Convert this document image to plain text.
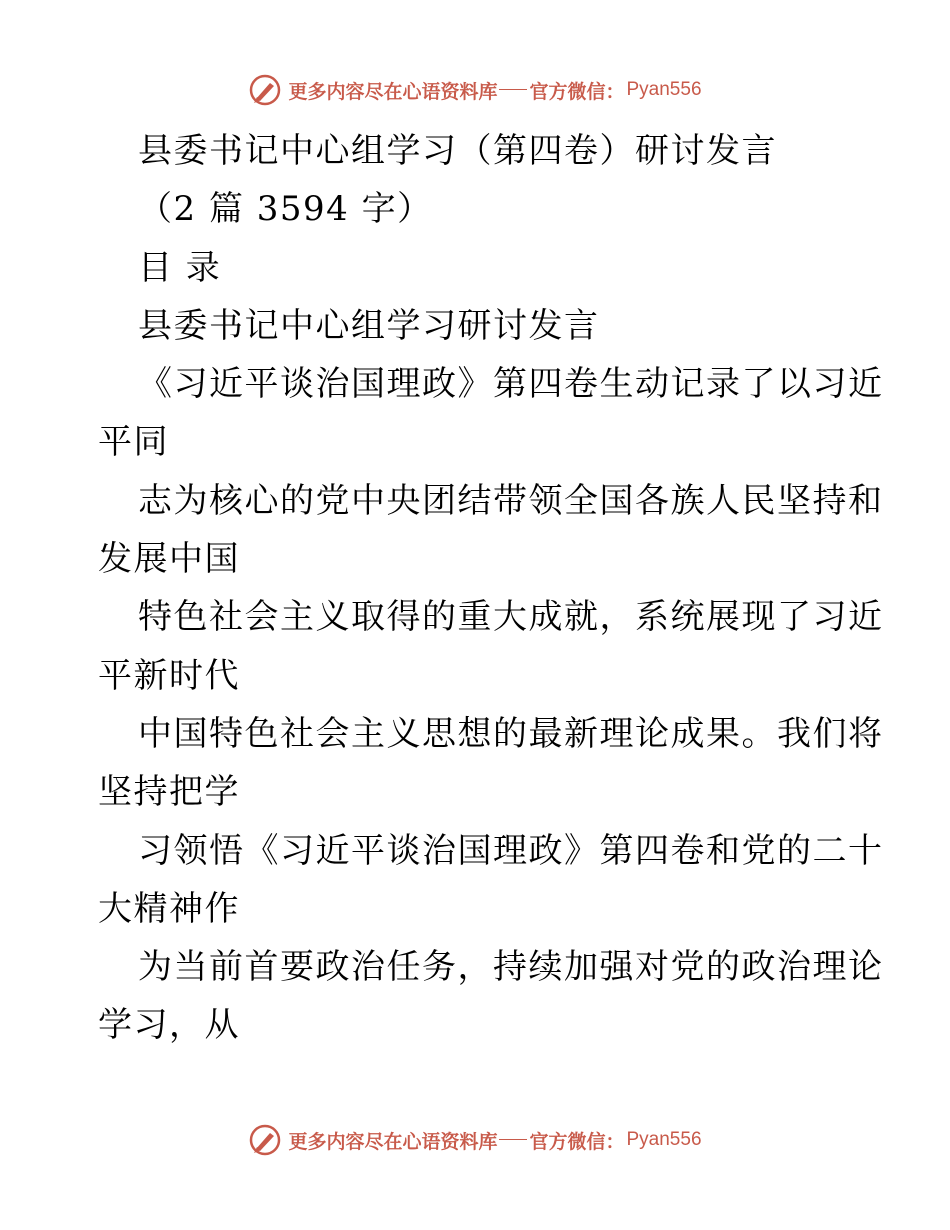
更多内容尽在心语资料库 官方微信： Pyan556
县委书记中心组学习（第四卷）研讨发言
（2 篇 3594 字）
目 录
县委书记中心组学习研讨发言
《习近平谈治国理政》第四卷生动记录了以习近
平同
志为核心的党中央团结带领全国各族人民坚持和
发展中国
特色社会主义取得的重大成就，系统展现了习近
平新时代
中国特色社会主义思想的最新理论成果。我们将
坚持把学
习领悟《习近平谈治国理政》第四卷和党的二十
大精神作
为当前首要政治任务，持续加强对党的政治理论
学习，从
更多内容尽在心语资料库 官方微信： Pyan556
